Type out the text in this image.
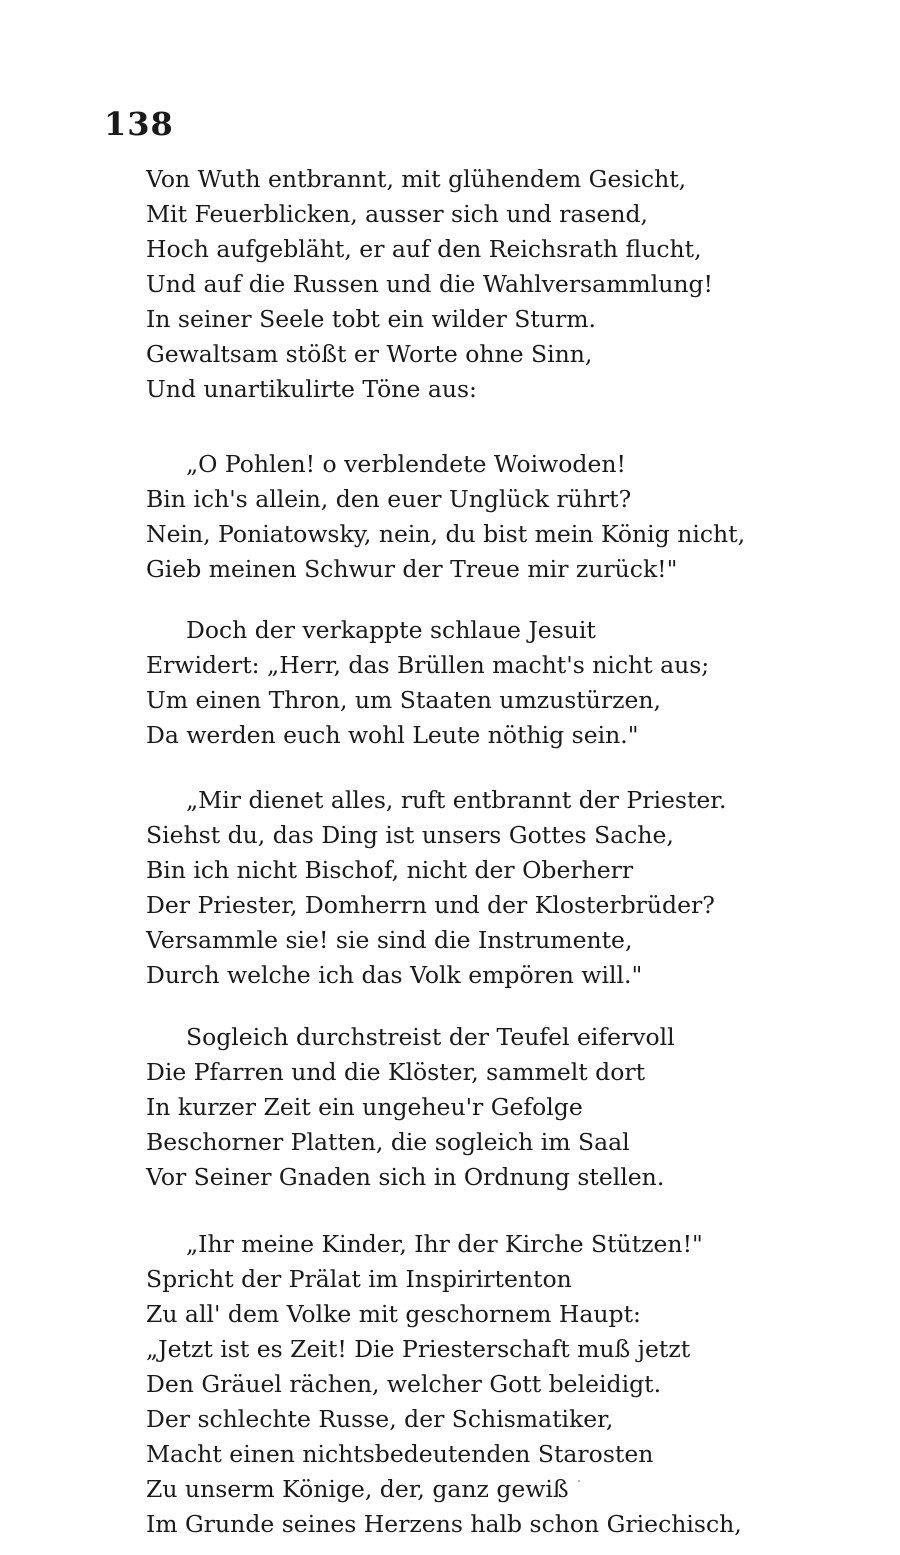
138
Von Wuth entbrannt, mit glühendem Gesicht,
Mit Feuerblicken, ausser sich und rasend,
Hoch aufgebläht, er auf den Reichsrath flucht,
Und auf die Russen und die Wahlversammlung!
In seiner Seele tobt ein wilder Sturm.
Gewaltsam stößt er Worte ohne Sinn,
Und unartikulirte Töne aus:
„O Pohlen! o verblendete Woiwoden!
Bin ich's allein, den euer Unglück rührt?
Nein, Poniatowsky, nein, du bist mein König nicht,
Gieb meinen Schwur der Treue mir zurück!"
Doch der verkappte schlaue Jesuit
Erwidert: „Herr, das Brüllen macht's nicht aus;
Um einen Thron, um Staaten umzustürzen,
Da werden euch wohl Leute nöthig sein."
„Mir dienet alles, ruft entbrannt der Priester.
Siehst du, das Ding ist unsers Gottes Sache,
Bin ich nicht Bischof, nicht der Oberherr
Der Priester, Domherrn und der Klosterbrüder?
Versammle sie! sie sind die Instrumente,
Durch welche ich das Volk empören will."
Sogleich durchstreist der Teufel eifervoll
Die Pfarren und die Klöster, sammelt dort
In kurzer Zeit ein ungeheu'r Gefolge
Beschorner Platten, die sogleich im Saal
Vor Seiner Gnaden sich in Ordnung stellen.
„Ihr meine Kinder, Ihr der Kirche Stützen!"
Spricht der Prälat im Inspirirtenton
Zu all' dem Volke mit geschornem Haupt:
„Jetzt ist es Zeit! Die Priesterschaft muß jetzt
Den Gräuel rächen, welcher Gott beleidigt.
Der schlechte Russe, der Schismatiker,
Macht einen nichtsbedeutenden Starosten
Zu unserm Könige, der, ganz gewiß
Im Grunde seines Herzens halb schon Griechisch,
